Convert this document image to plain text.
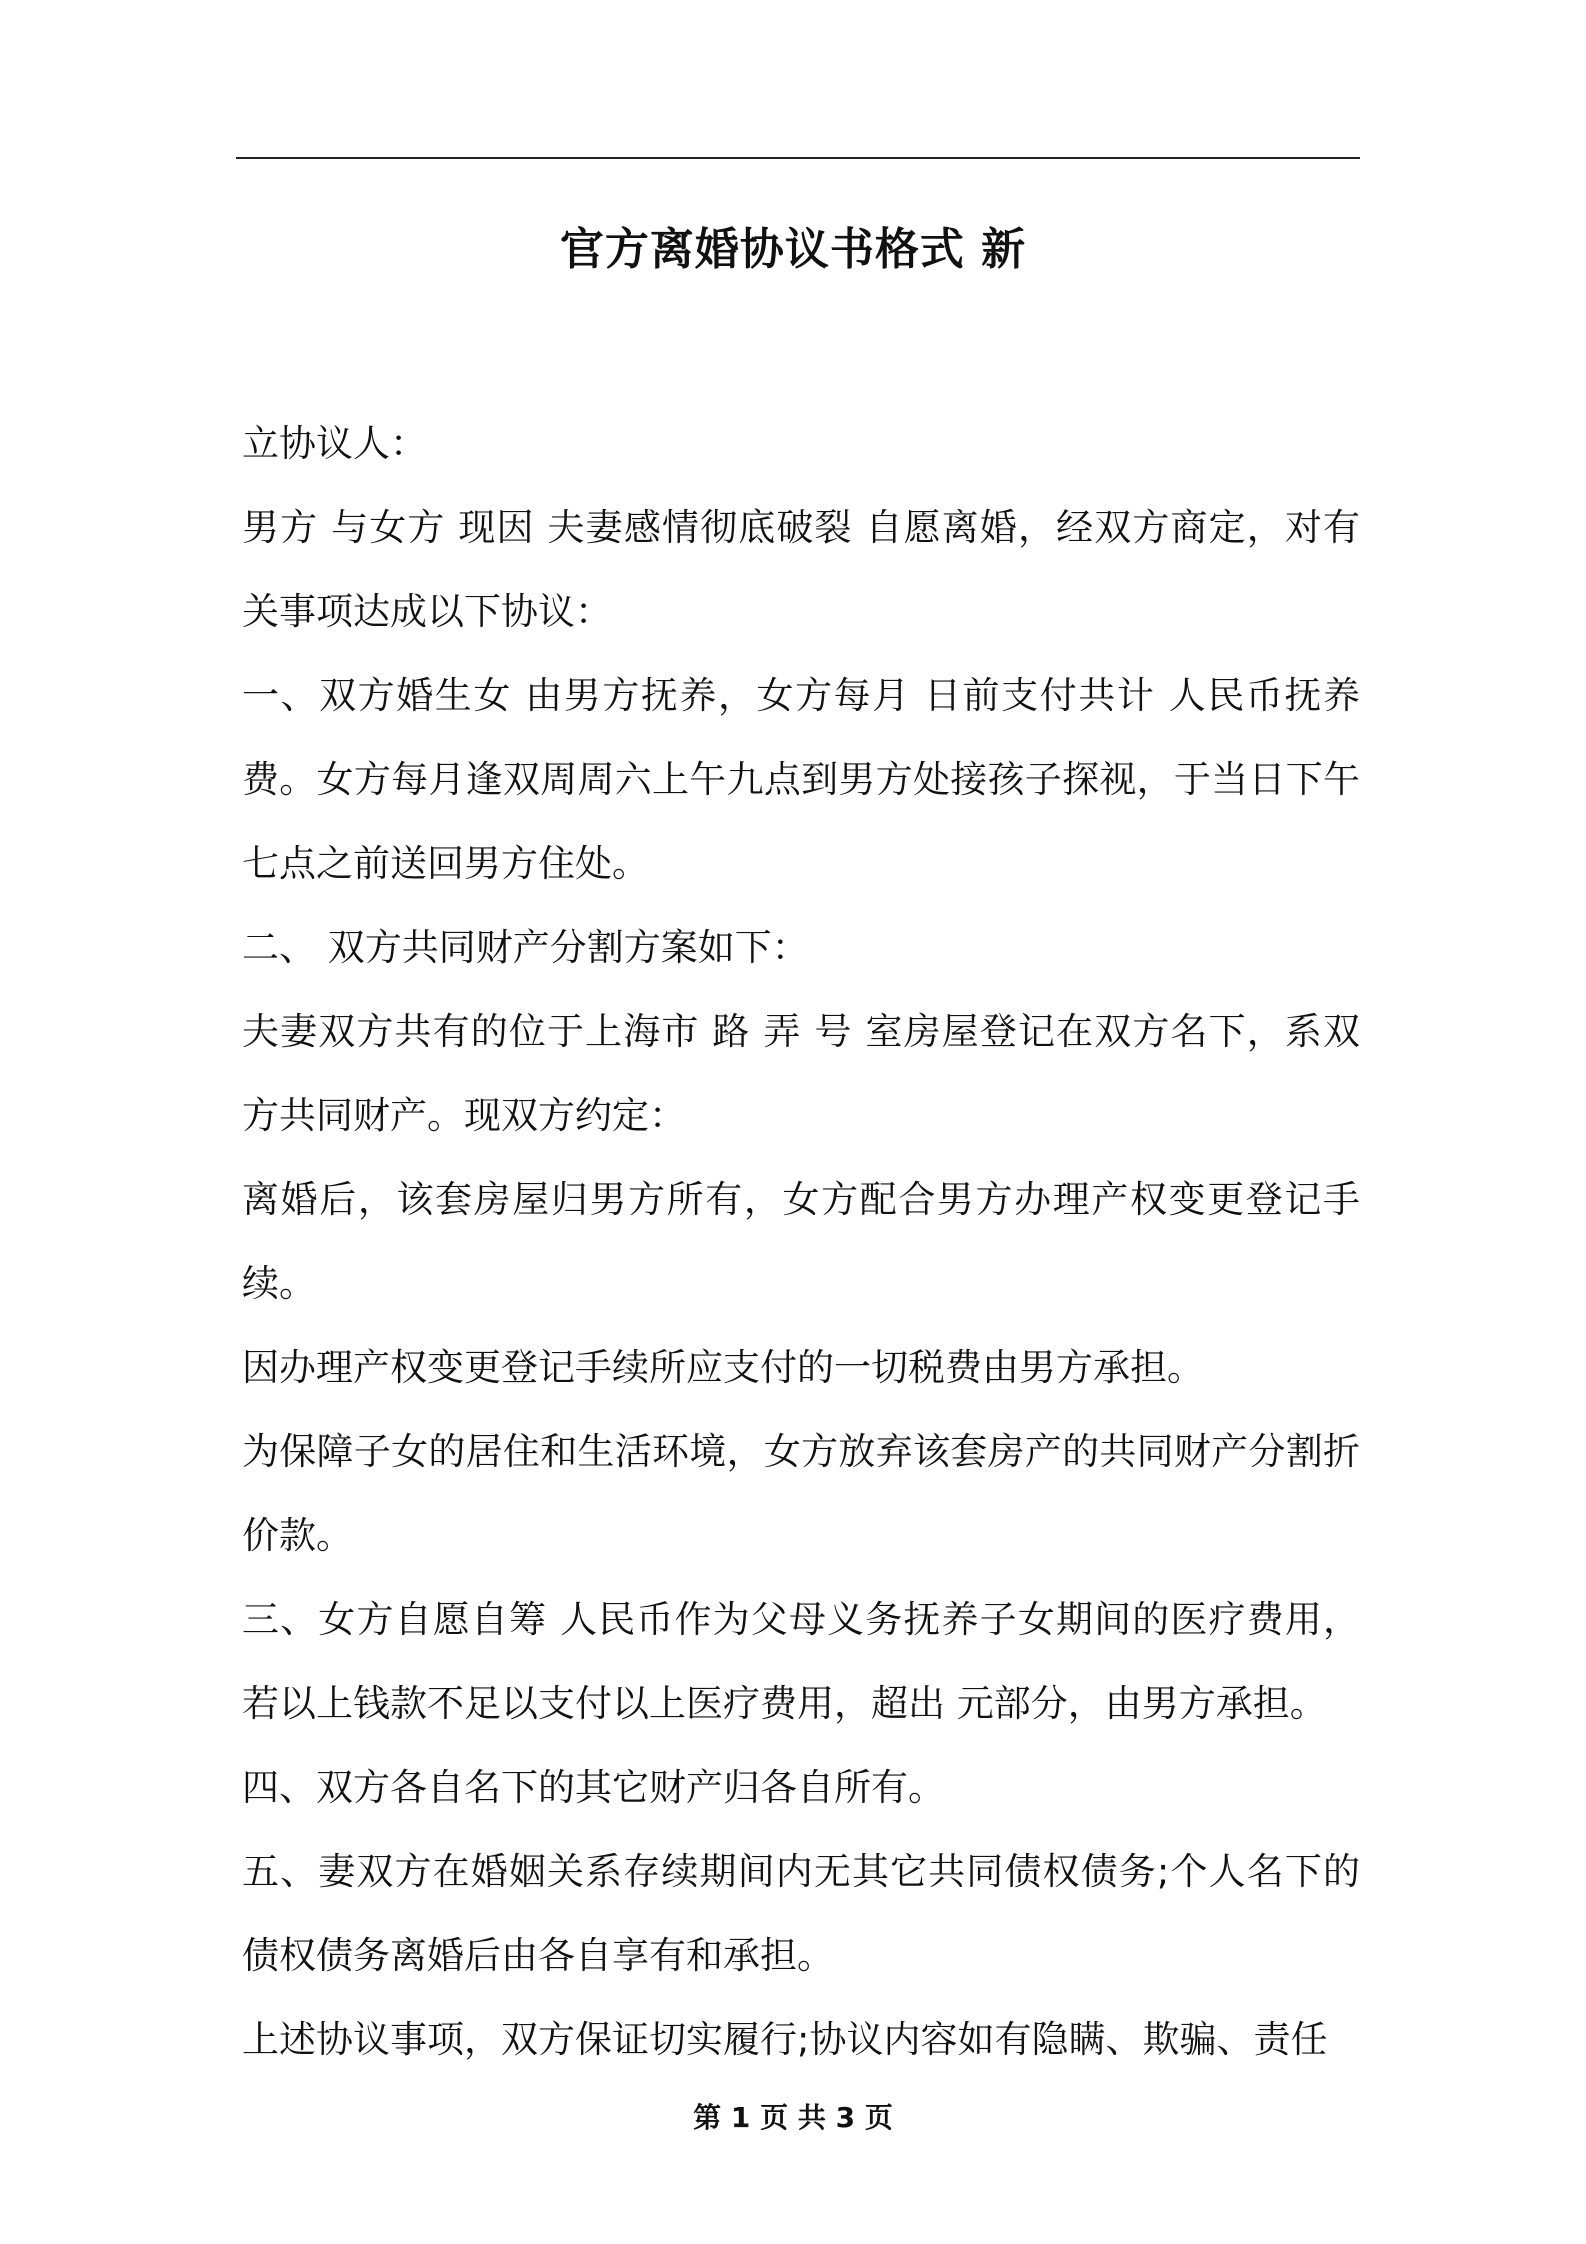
官方离婚协议书格式 新

立协议人：

男方 与女方 现因 夫妻感情彻底破裂 自愿离婚，经双方商定，对有关事项达成以下协议：

一、双方婚生女 由男方抚养，女方每月 日前支付共计 人民币抚养费。女方每月逢双周周六上午九点到男方处接孩子探视，于当日下午七点之前送回男方住处。

二、 双方共同财产分割方案如下：

夫妻双方共有的位于上海市 路 弄 号 室房屋登记在双方名下，系双方共同财产。现双方约定：

离婚后，该套房屋归男方所有，女方配合男方办理产权变更登记手续。

因办理产权变更登记手续所应支付的一切税费由男方承担。

为保障子女的居住和生活环境，女方放弃该套房产的共同财产分割折价款。

三、女方自愿自筹 人民币作为父母义务抚养子女期间的医疗费用，若以上钱款不足以支付以上医疗费用，超出 元部分，由男方承担。

四、双方各自名下的其它财产归各自所有。

五、妻双方在婚姻关系存续期间内无其它共同债权债务;个人名下的债权债务离婚后由各自享有和承担。

上述协议事项，双方保证切实履行;协议内容如有隐瞒、欺骗、责任

第 1 页 共 3 页
